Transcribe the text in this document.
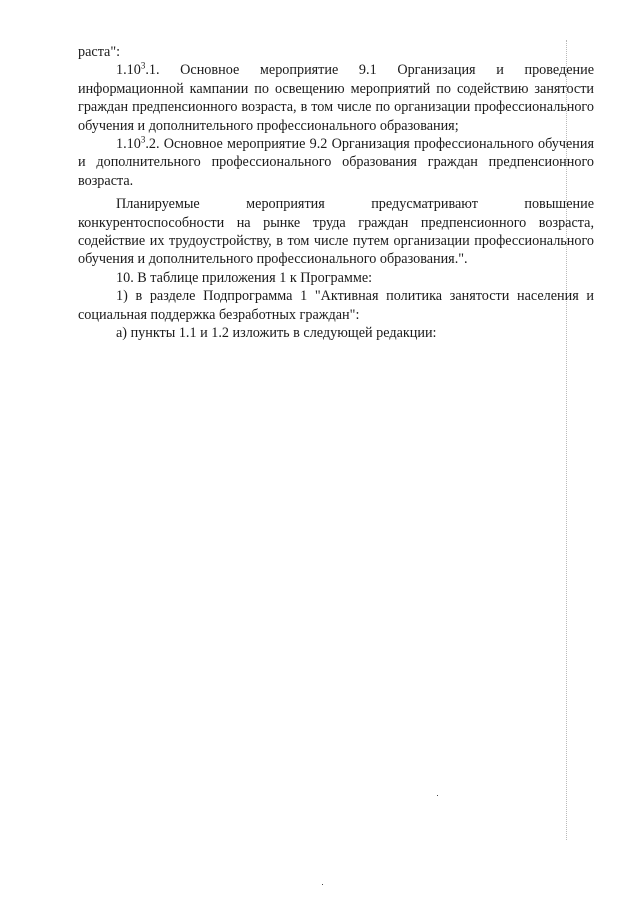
раста":

1.10$^3$.1. Основное мероприятие 9.1 Организация и проведение информационной кампании по освещению мероприятий по содействию занятости граждан предпенсионного возраста, в том числе по организации профессионального обучения и дополнительного профессионального образования;

1.10$^3$.2. Основное мероприятие 9.2 Организация профессионального обучения и дополнительного профессионального образования граждан предпенсионного возраста.

Планируемые мероприятия предусматривают повышение конкурентоспособности на рынке труда граждан предпенсионного возраста, содействие их трудоустройству, в том числе путем организации профессионального обучения и дополнительного профессионального образования.".

10. В таблице приложения 1 к Программе:

1) в разделе Подпрограмма 1 "Активная политика занятости населения и социальная поддержка безработных граждан":

а) пункты 1.1 и 1.2 изложить в следующей редакции:
